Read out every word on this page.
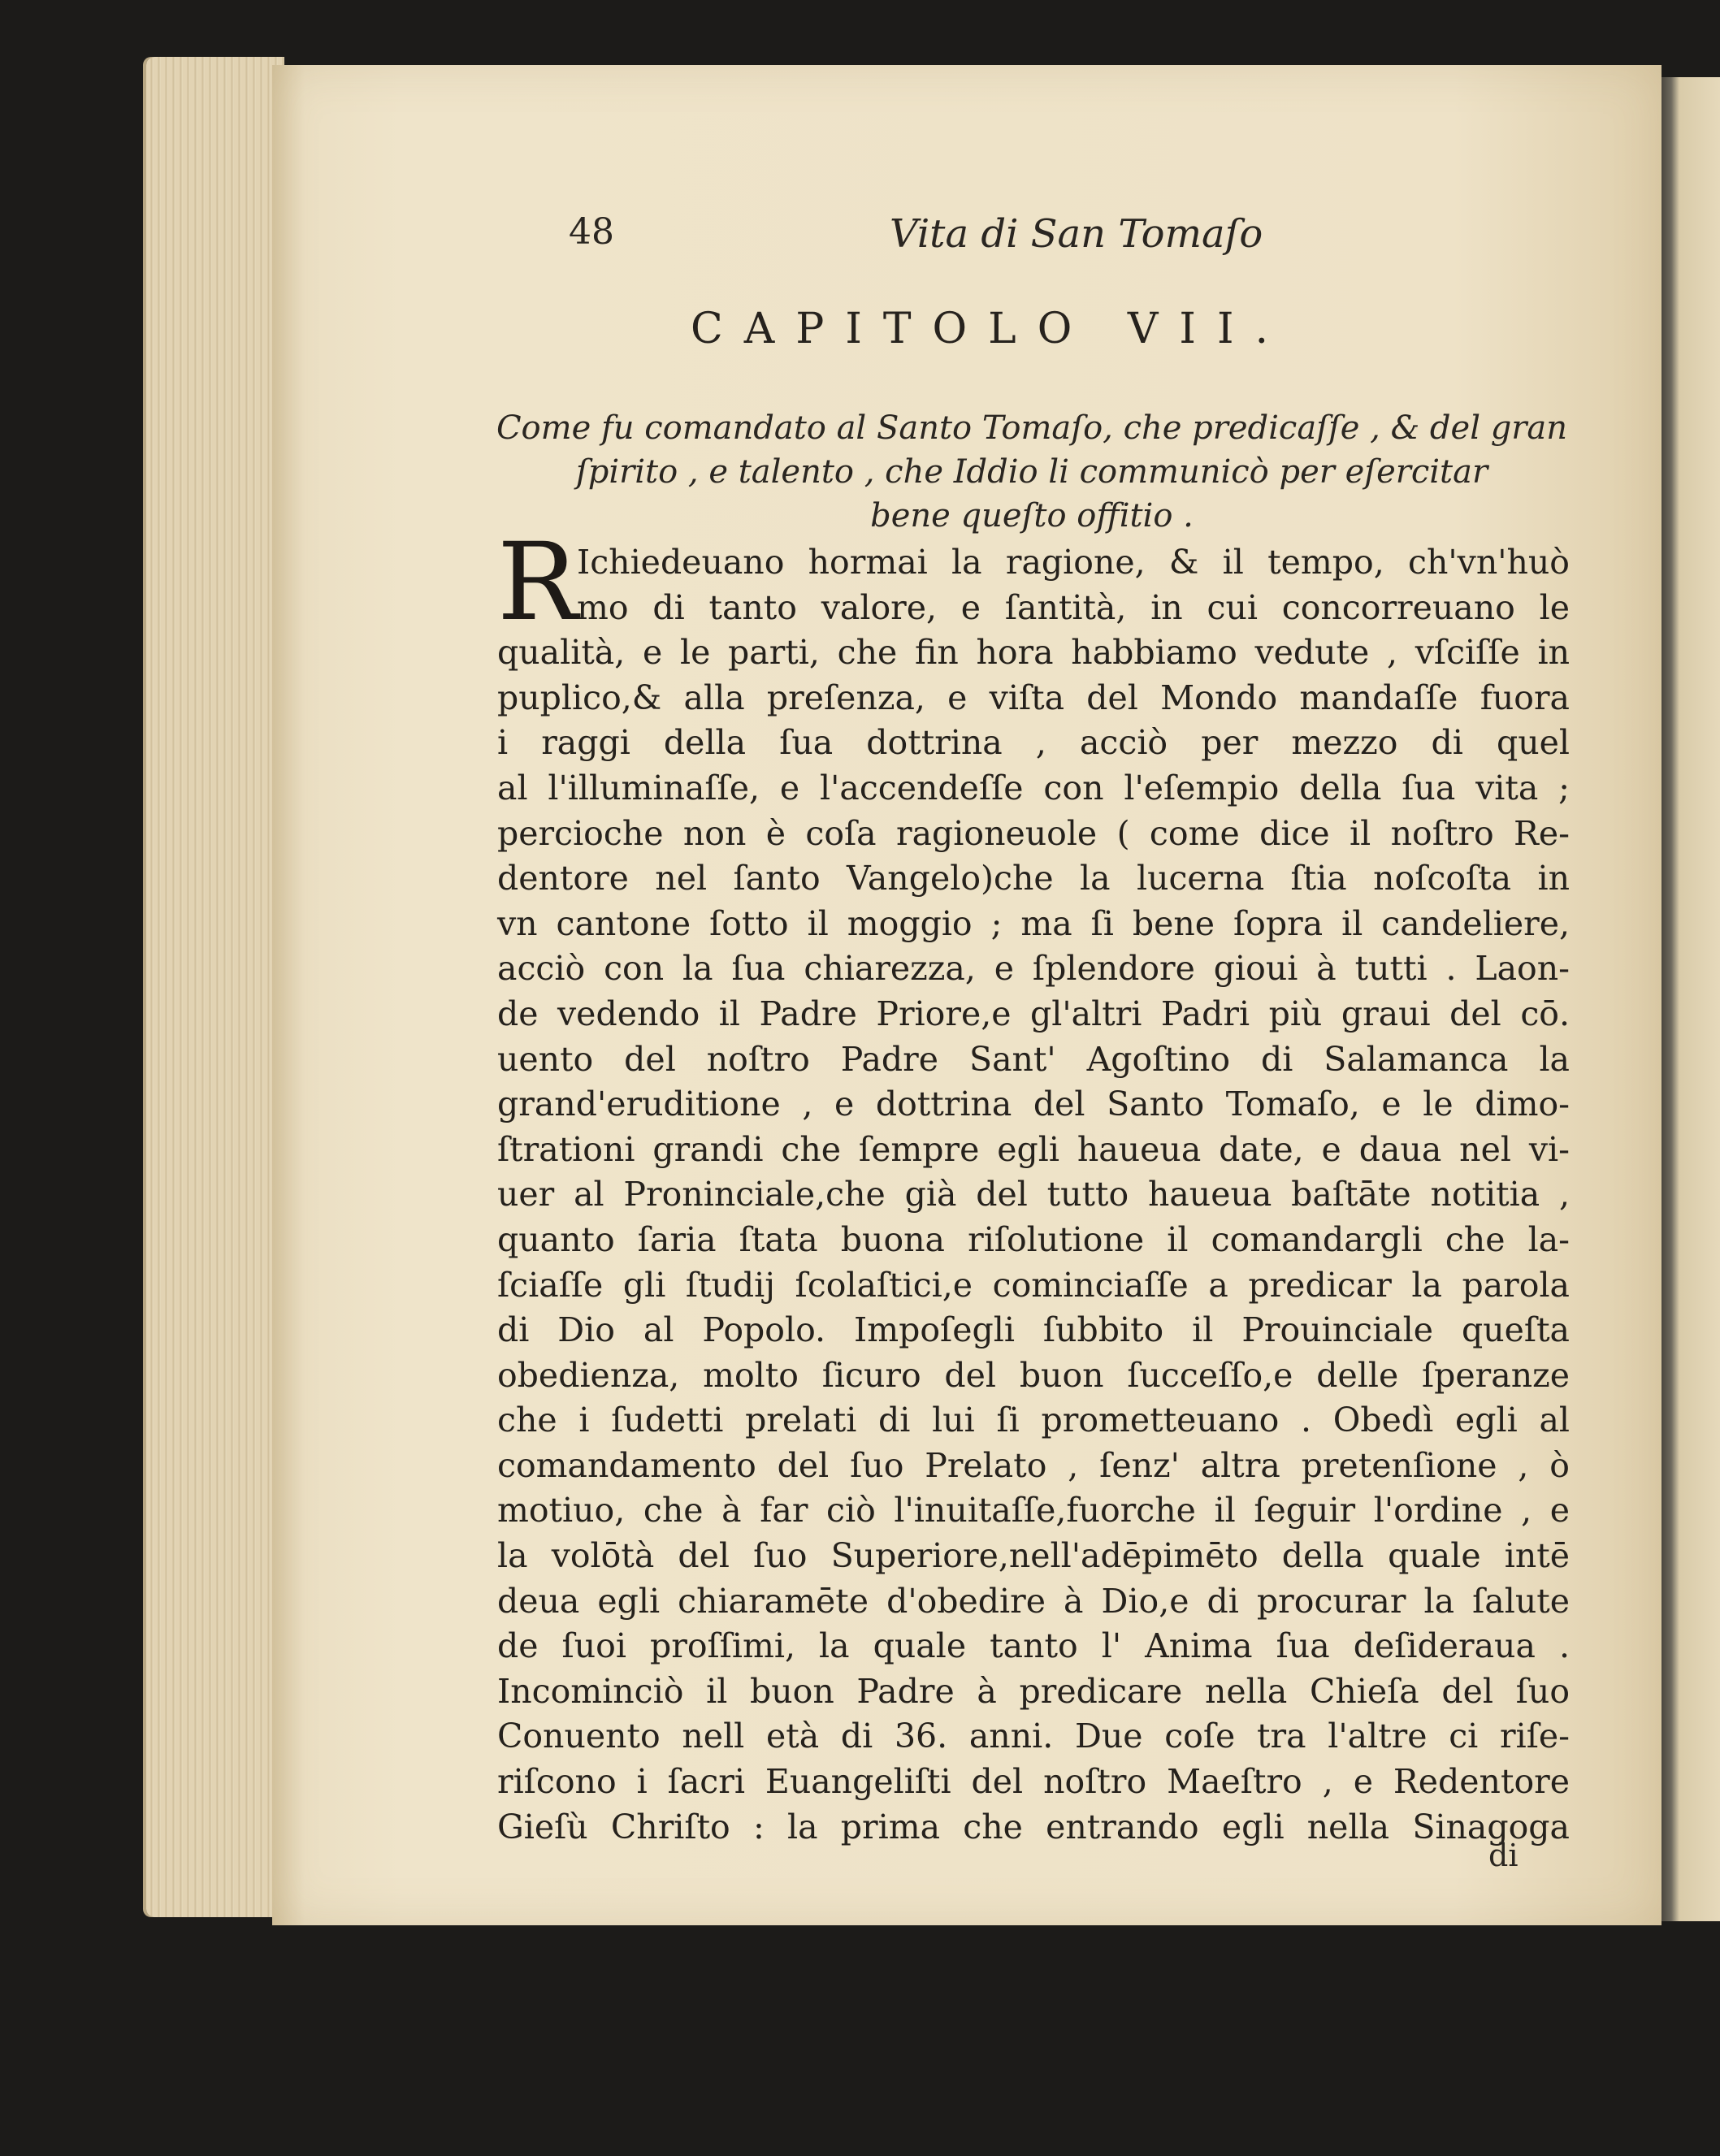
48	Vita di San Tomaſo
CAPITOLO VII.
Come fu comandato al Santo Tomaſo, che predicaſſe , & del gran
ſpirito , e talento , che Iddio li communicò per eſercitar
bene queſto offitio .
R
Ichiedeuano hormai la ragione, & il tempo, ch'vn'huò
mo di tanto valore, e ſantità, in cui concorreuano le
qualità, e le parti, che fin hora habbiamo vedute , vſciſſe in
puplico,& alla preſenza, e viſta del Mondo mandaſſe fuora
i raggi della ſua dottrina , acciò per mezzo di quel
al l'illuminaſſe, e l'accendeſſe con l'eſempio della ſua vita ;
percioche non è coſa ragioneuole ( come dice il noſtro Re-
dentore nel ſanto Vangelo)che la lucerna ſtia noſcoſta in
vn cantone ſotto il moggio ; ma ſi bene ſopra il candeliere,
acciò con la ſua chiarezza, e ſplendore gioui à tutti . Laon-
de vedendo il Padre Priore,e gl'altri Padri più graui del cō.
uento del noſtro Padre Sant' Agoſtino di Salamanca la
grand'eruditione , e dottrina del Santo Tomaſo, e le dimo-
ſtrationi grandi che ſempre egli haueua date, e daua nel vi-
uer al Proninciale,che già del tutto haueua baſtāte notitia ,
quanto ſaria ſtata buona riſolutione il comandargli che la-
ſciaſſe gli ſtudij ſcolaſtici,e cominciaſſe a predicar la parola
di Dio al Popolo. Impoſegli ſubbito il Prouinciale queſta
obedienza, molto ſicuro del buon ſucceſſo,e delle ſperanze
che i ſudetti prelati di lui ſi prometteuano . Obedì egli al
comandamento del ſuo Prelato , ſenz' altra pretenſione , ò
motiuo, che à far ciò l'inuitaſſe,fuorche il ſeguir l'ordine , e
la volōtà del ſuo Superiore,nell'adēpimēto della quale intē
deua egli chiaramēte d'obedire à Dio,e di procurar la ſalute
de ſuoi proſſimi, la quale tanto l' Anima ſua deſideraua .
Incominciò il buon Padre à predicare nella Chieſa del ſuo
Conuento nell età di 36. anni. Due coſe tra l'altre ci riſe-
riſcono i ſacri Euangeliſti del noſtro Maeſtro , e Redentore
Gieſù Chriſto : la prima che entrando egli nella Sinagoga
di
